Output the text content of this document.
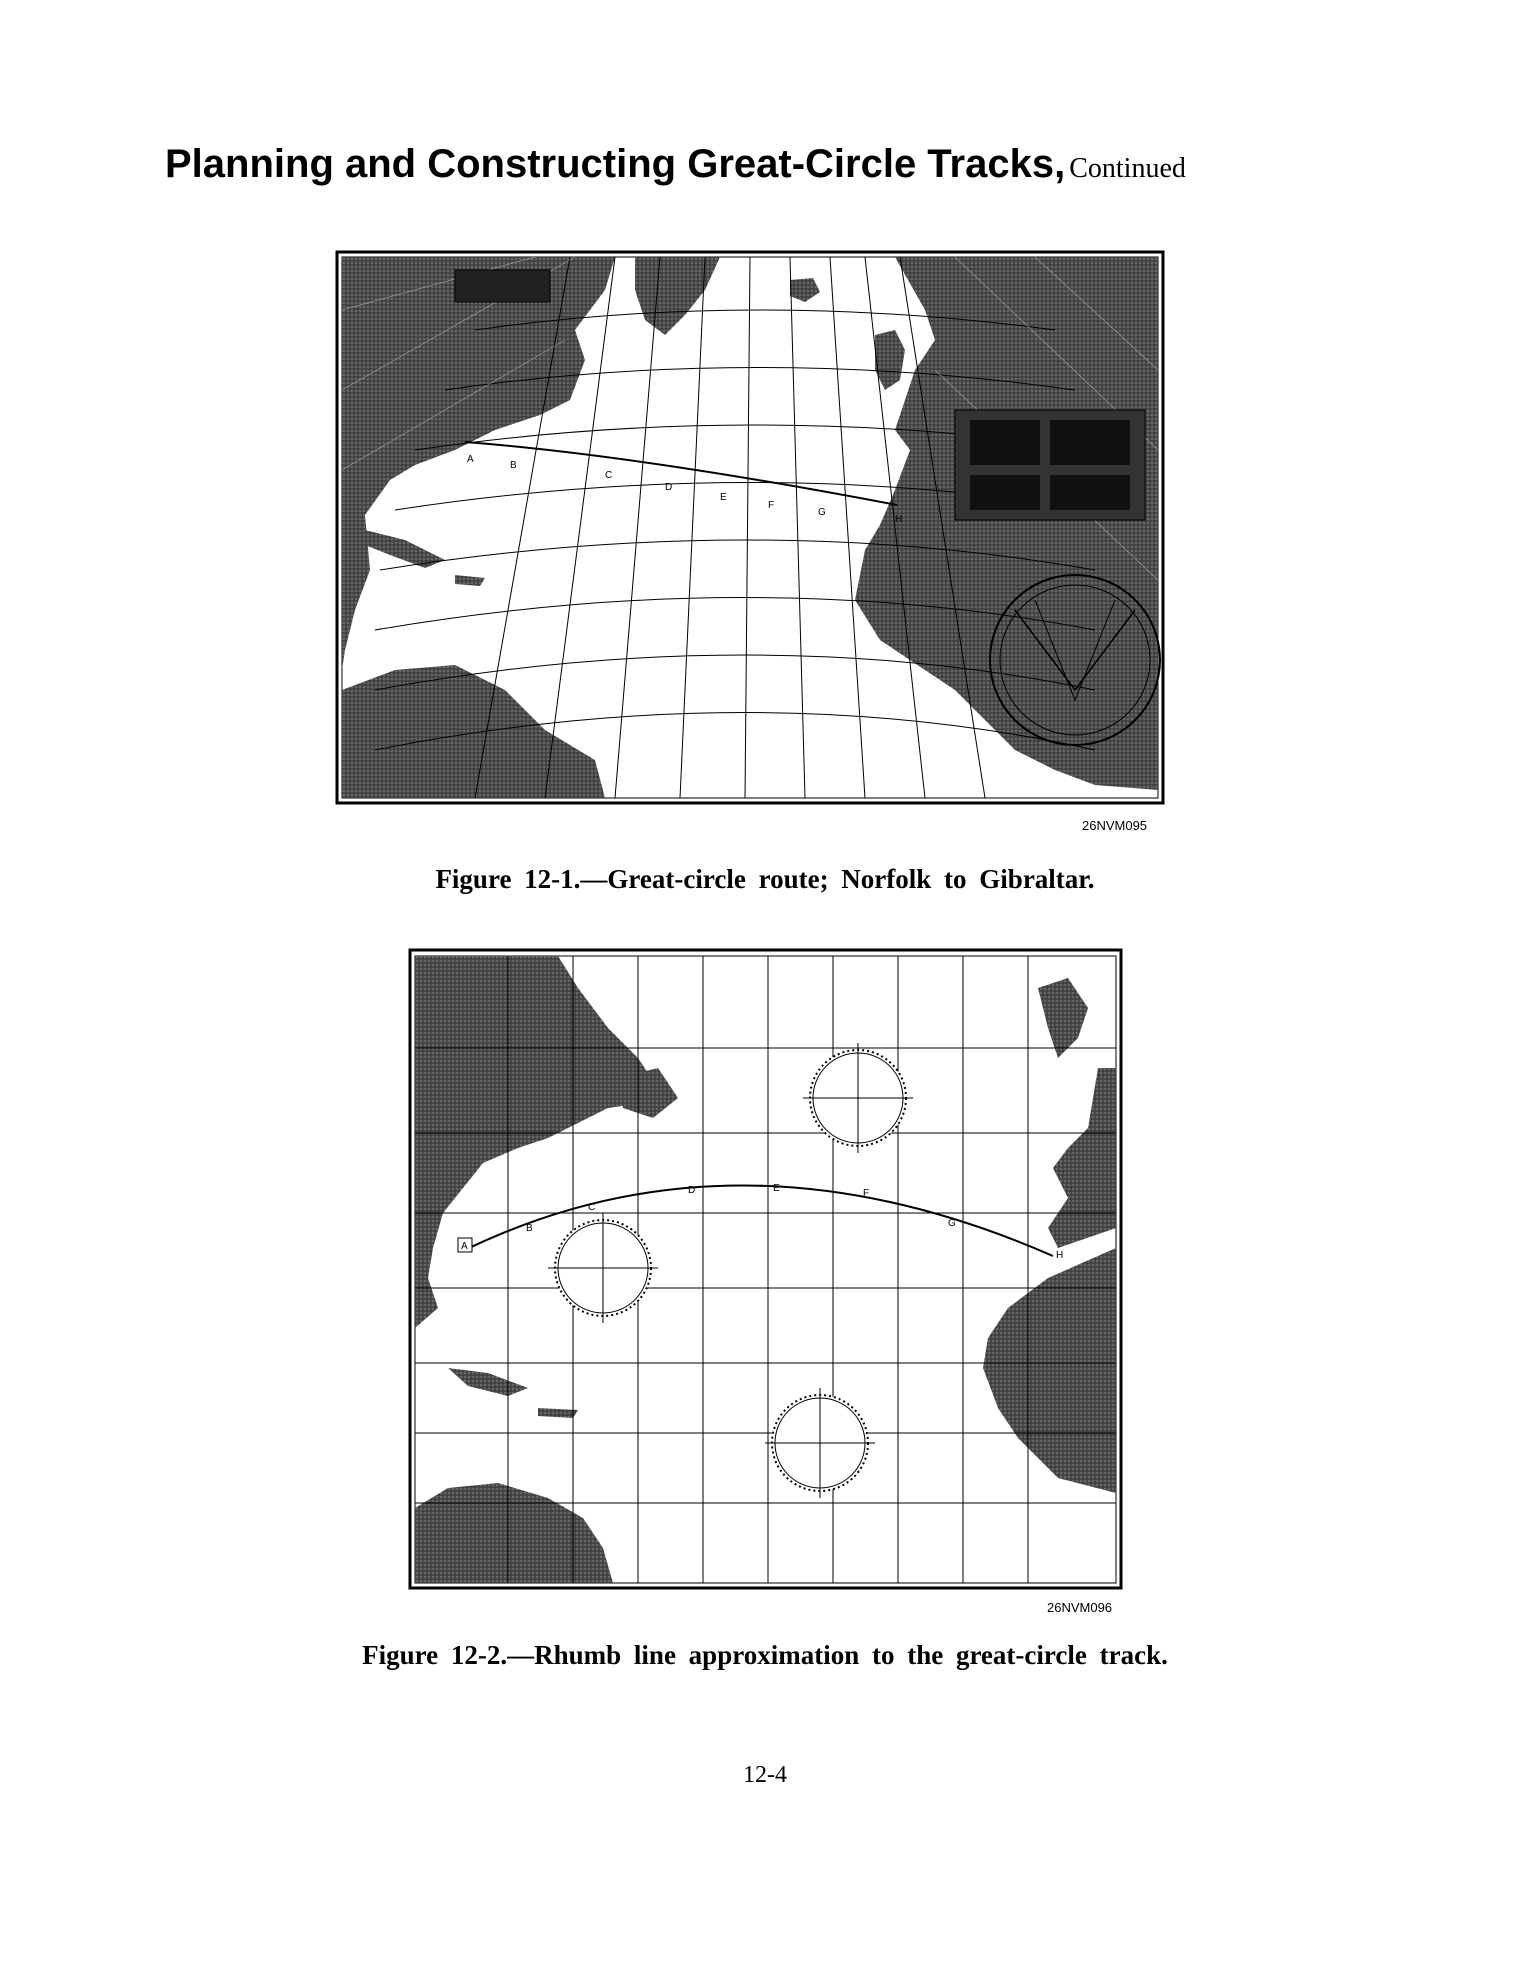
Planning and Constructing Great-Circle Tracks, Continued
A
B
C
D
E
F
G
H
26NVM095
Figure 12-1.—Great-circle route; Norfolk to Gibraltar.
A
B
C
D	E	F
G
H
26NVM096
Figure 12-2.—Rhumb line approximation to the great-circle track.
12-4
